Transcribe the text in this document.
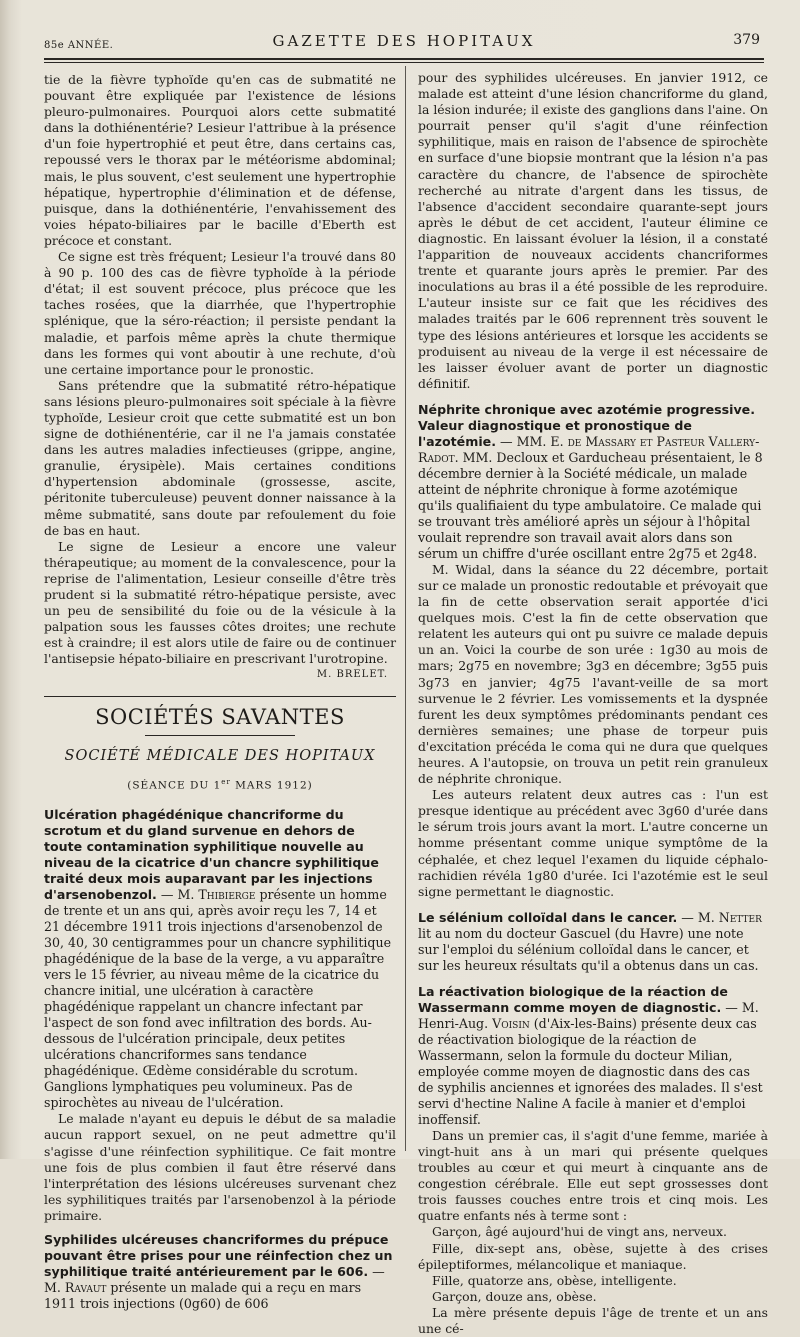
85e ANNÉE.	GAZETTE DES HOPITAUX	379

tie de la fièvre typhoïde qu'en cas de submatité ne pouvant être expliquée par l'existence de lésions pleuro-pulmonaires. Pourquoi alors cette submatité dans la dothiénentérie? Lesieur l'attribue à la présence d'un foie hypertrophié et peut être, dans certains cas, repoussé vers le thorax par le météorisme abdominal; mais, le plus souvent, c'est seulement une hypertrophie hépatique, hypertrophie d'élimination et de défense, puisque, dans la dothiénentérie, l'envahissement des voies hépato-biliaires par le bacille d'Eberth est précoce et constant.

Ce signe est très fréquent; Lesieur l'a trouvé dans 80 à 90 p. 100 des cas de fièvre typhoïde à la période d'état; il est souvent précoce, plus précoce que les taches rosées, que la diarrhée, que l'hypertrophie splénique, que la séro-réaction; il persiste pendant la maladie, et parfois même après la chute thermique dans les formes qui vont aboutir à une rechute, d'où une certaine importance pour le pronostic.

Sans prétendre que la submatité rétro-hépatique sans lésions pleuro-pulmonaires soit spéciale à la fièvre typhoïde, Lesieur croit que cette submatité est un bon signe de dothiénentérie, car il ne l'a jamais constatée dans les autres maladies infectieuses (grippe, angine, granulie, érysipèle). Mais certaines conditions d'hypertension abdominale (grossesse, ascite, péritonite tuberculeuse) peuvent donner naissance à la même submatité, sans doute par refoulement du foie de bas en haut.

Le signe de Lesieur a encore une valeur thérapeutique; au moment de la convalescence, pour la reprise de l'alimentation, Lesieur conseille d'être très prudent si la submatité rétro-hépatique persiste, avec un peu de sensibilité du foie ou de la vésicule à la palpation sous les fausses côtes droites; une rechute est à craindre; il est alors utile de faire ou de continuer l'antisepsie hépato-biliaire en prescrivant l'urotropine.

M. BRELET.

SOCIÉTÉS SAVANTES
SOCIÉTÉ MÉDICALE DES HOPITAUX
(SÉANCE DU 1er MARS 1912)

Ulcération phagédénique chancriforme du scrotum et du gland survenue en dehors de toute contamination syphilitique nouvelle au niveau de la cicatrice d'un chancre syphilitique traité deux mois auparavant par les injections d'arsenobenzol. — M. Thibierge présente un homme de trente et un ans qui, après avoir reçu les 7, 14 et 21 décembre 1911 trois injections d'arsenobenzol de 30, 40, 30 centigrammes pour un chancre syphilitique phagédénique de la base de la verge, a vu apparaître vers le 15 février, au niveau même de la cicatrice du chancre initial, une ulcération à caractère phagédénique rappelant un chancre infectant par l'aspect de son fond avec infiltration des bords. Au-dessous de l'ulcération principale, deux petites ulcérations chancriformes sans tendance phagédénique. Œdème considérable du scrotum. Ganglions lymphatiques peu volumineux. Pas de spirochètes au niveau de l'ulcération.

Le malade n'ayant eu depuis le début de sa maladie aucun rapport sexuel, on ne peut admettre qu'il s'agisse d'une réinfection syphilitique. Ce fait montre une fois de plus combien il faut être réservé dans l'interprétation des lésions ulcéreuses survenant chez les syphilitiques traités par l'arsenobenzol à la période primaire.

Syphilides ulcéreuses chancriformes du prépuce pouvant être prises pour une réinfection chez un syphilitique traité antérieurement par le 606. — M. Ravaut présente un malade qui a reçu en mars 1911 trois injections (0g60) de 606

pour des syphilides ulcéreuses. En janvier 1912, ce malade est atteint d'une lésion chancriforme du gland, la lésion indurée; il existe des ganglions dans l'aine. On pourrait penser qu'il s'agit d'une réinfection syphilitique, mais en raison de l'absence de spirochète en surface d'une biopsie montrant que la lésion n'a pas caractère du chancre, de l'absence de spirochète recherché au nitrate d'argent dans les tissus, de l'absence d'accident secondaire quarante-sept jours après le début de cet accident, l'auteur élimine ce diagnostic. En laissant évoluer la lésion, il a constaté l'apparition de nouveaux accidents chancriformes trente et quarante jours après le premier. Par des inoculations au bras il a été possible de les reproduire. L'auteur insiste sur ce fait que les récidives des malades traités par le 606 reprennent très souvent le type des lésions antérieures et lorsque les accidents se produisent au niveau de la verge il est nécessaire de les laisser évoluer avant de porter un diagnostic définitif.

Néphrite chronique avec azotémie progressive. Valeur diagnostique et pronostique de l'azotémie. — MM. E. de Massary et Pasteur Vallery-Radot. MM. Decloux et Garducheau présentaient, le 8 décembre dernier à la Société médicale, un malade atteint de néphrite chronique à forme azotémique qu'ils qualifiaient du type ambulatoire. Ce malade qui se trouvant très amélioré après un séjour à l'hôpital voulait reprendre son travail avait alors dans son sérum un chiffre d'urée oscillant entre 2g75 et 2g48.

M. Widal, dans la séance du 22 décembre, portait sur ce malade un pronostic redoutable et prévoyait que la fin de cette observation serait apportée d'ici quelques mois. C'est la fin de cette observation que relatent les auteurs qui ont pu suivre ce malade depuis un an. Voici la courbe de son urée : 1g30 au mois de mars; 2g75 en novembre; 3g3 en décembre; 3g55 puis 3g73 en janvier; 4g75 l'avant-veille de sa mort survenue le 2 février. Les vomissements et la dyspnée furent les deux symptômes prédominants pendant ces dernières semaines; une phase de torpeur puis d'excitation précéda le coma qui ne dura que quelques heures. A l'autopsie, on trouva un petit rein granuleux de néphrite chronique.

Les auteurs relatent deux autres cas : l'un est presque identique au précédent avec 3g60 d'urée dans le sérum trois jours avant la mort. L'autre concerne un homme présentant comme unique symptôme de la céphalée, et chez lequel l'examen du liquide céphalo-rachidien révéla 1g80 d'urée. Ici l'azotémie est le seul signe permettant le diagnostic.

Le sélénium colloïdal dans le cancer. — M. Netter lit au nom du docteur Gascuel (du Havre) une note sur l'emploi du sélénium colloïdal dans le cancer, et sur les heureux résultats qu'il a obtenus dans un cas.

La réactivation biologique de la réaction de Wassermann comme moyen de diagnostic. — M. Henri-Aug. Voisin (d'Aix-les-Bains) présente deux cas de réactivation biologique de la réaction de Wassermann, selon la formule du docteur Milian, employée comme moyen de diagnostic dans des cas de syphilis anciennes et ignorées des malades. Il s'est servi d'hectine Naline A facile à manier et d'emploi inoffensif.

Dans un premier cas, il s'agit d'une femme, mariée à vingt-huit ans à un mari qui présente quelques troubles au cœur et qui meurt à cinquante ans de congestion cérébrale. Elle eut sept grossesses dont trois fausses couches entre trois et cinq mois. Les quatre enfants nés à terme sont :

Garçon, âgé aujourd'hui de vingt ans, nerveux.

Fille, dix-sept ans, obèse, sujette à des crises épileptiformes, mélancolique et maniaque.

Fille, quatorze ans, obèse, intelligente.

Garçon, douze ans, obèse.

La mère présente depuis l'âge de trente et un ans une cé-
